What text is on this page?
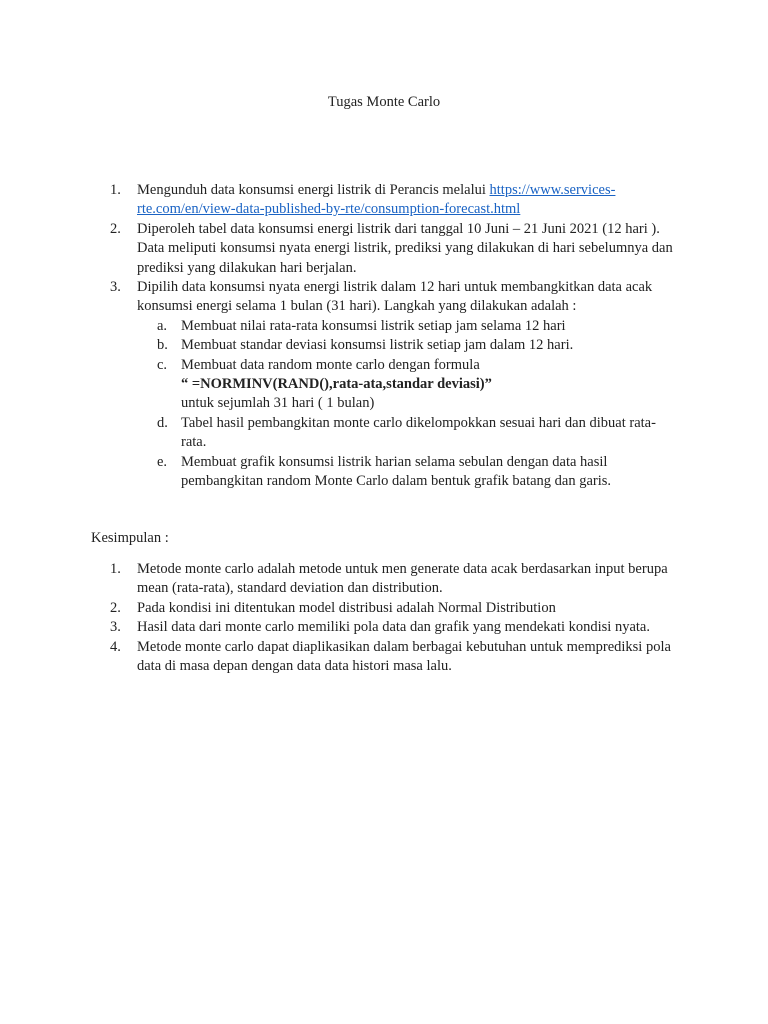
Tugas Monte Carlo
1. Mengunduh data konsumsi energi listrik di Perancis melalui https://www.services-rte.com/en/view-data-published-by-rte/consumption-forecast.html
2. Diperoleh tabel data konsumsi energi listrik dari tanggal 10 Juni – 21 Juni 2021 (12 hari ). Data meliputi konsumsi nyata energi listrik, prediksi yang dilakukan di hari sebelumnya dan prediksi yang dilakukan hari berjalan.
3. Dipilih data konsumsi nyata energi listrik dalam 12 hari untuk membangkitkan data acak konsumsi energi selama 1 bulan (31 hari). Langkah yang dilakukan adalah :
a. Membuat nilai rata-rata konsumsi listrik setiap jam selama 12 hari
b. Membuat standar deviasi konsumsi listrik setiap jam dalam 12 hari.
c. Membuat data random monte carlo dengan formula
“ =NORMINV(RAND(),rata-ata,standar deviasi)”
untuk sejumlah 31 hari ( 1 bulan)
d. Tabel hasil pembangkitan monte carlo dikelompokkan sesuai hari dan dibuat rata-rata.
e. Membuat grafik konsumsi listrik harian selama sebulan dengan data hasil pembangkitan random Monte Carlo dalam bentuk grafik batang dan garis.
Kesimpulan :
1. Metode monte carlo adalah metode untuk men generate data acak berdasarkan input berupa mean (rata-rata), standard deviation dan distribution.
2. Pada kondisi ini ditentukan model distribusi adalah Normal Distribution
3. Hasil data dari monte carlo memiliki pola data dan grafik yang mendekati kondisi nyata.
4. Metode monte carlo dapat diaplikasikan dalam berbagai kebutuhan untuk memprediksi pola data di masa depan dengan data data histori masa lalu.
